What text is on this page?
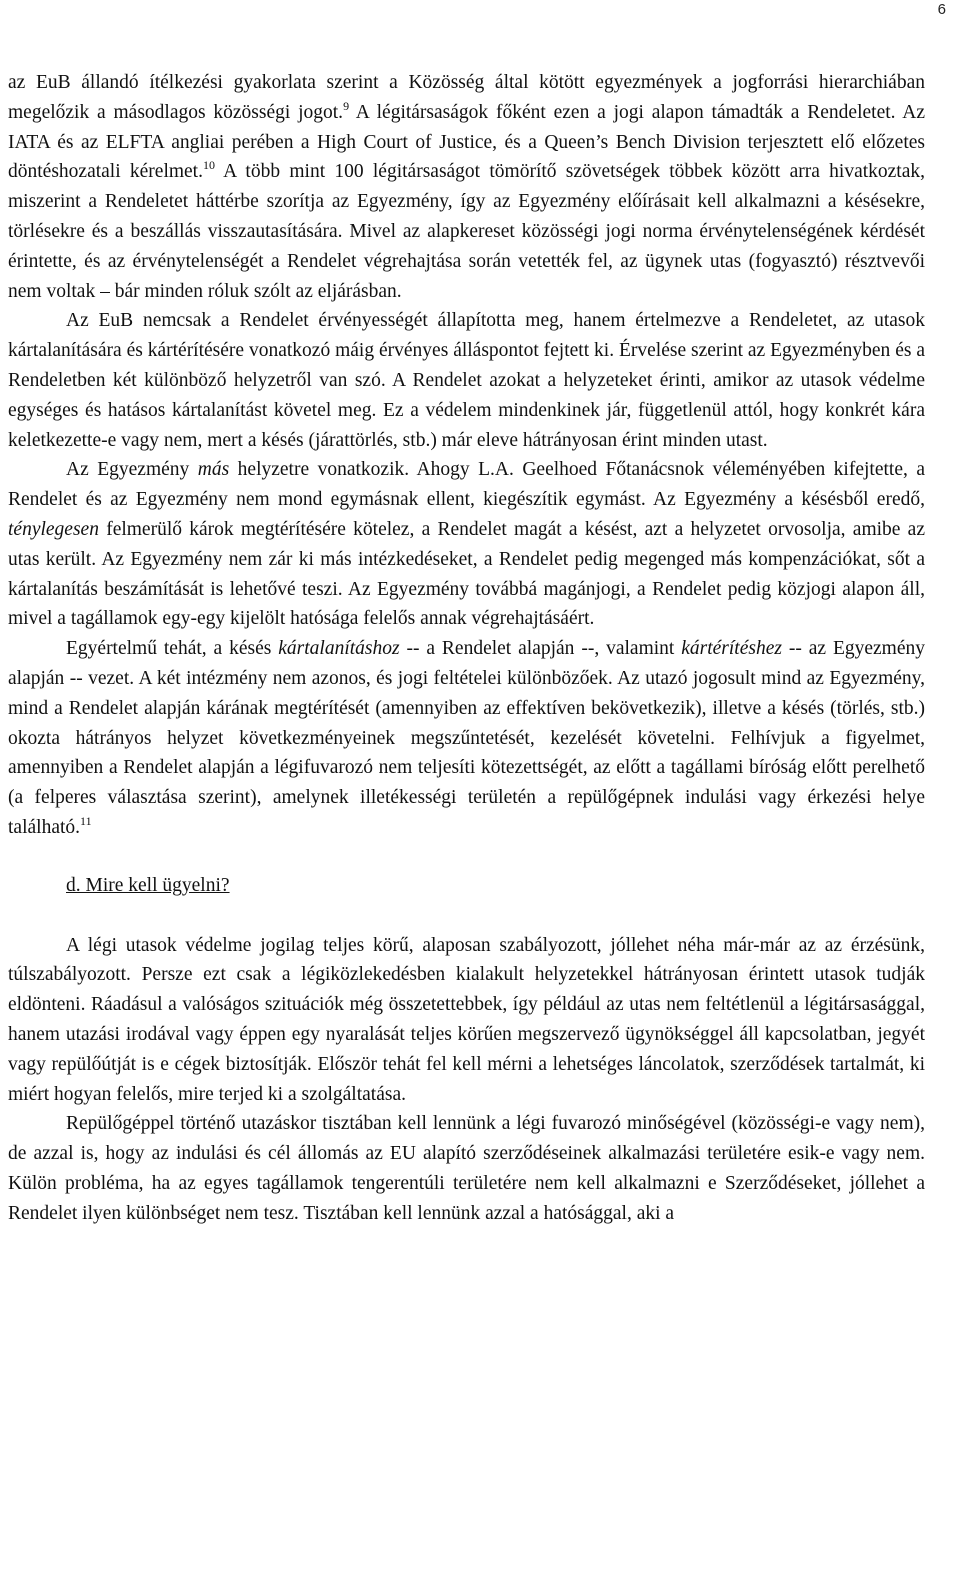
6

az EuB állandó ítélkezési gyakorlata szerint a Közösség által kötött egyezmények a jogforrási hierarchiában megelőzik a másodlagos közösségi jogot.$^9$ A légitársaságok főként ezen a jogi alapon támadták a Rendeletet. Az IATA és az ELFTA angliai perében a High Court of Justice, és a Queen’s Bench Division terjesztett elő előzetes döntéshozatali kérelmet.$^{10}$ A több mint 100 légitársaságot tömörítő szövetségek többek között arra hivatkoztak, miszerint a Rendeletet háttérbe szorítja az Egyezmény, így az Egyezmény előírásait kell alkalmazni a késésekre, törlésekre és a beszállás visszautasítására. Mivel az alapkereset közösségi jogi norma érvénytelenségének kérdését érintette, és az érvénytelenségét a Rendelet végrehajtása során vetették fel, az ügynek utas (fogyasztó) résztvevői nem voltak – bár minden róluk szólt az eljárásban.

Az EuB nemcsak a Rendelet érvényességét állapította meg, hanem értelmezve a Rendeletet, az utasok kártalanítására és kártérítésére vonatkozó máig érvényes álláspontot fejtett ki. Érvelése szerint az Egyezményben és a Rendeletben két különböző helyzetről van szó. A Rendelet azokat a helyzeteket érinti, amikor az utasok védelme egységes és hatásos kártalanítást követel meg. Ez a védelem mindenkinek jár, függetlenül attól, hogy konkrét kára keletkezette-e vagy nem, mert a késés (járattörlés, stb.) már eleve hátrányosan érint minden utast.

Az Egyezmény más helyzetre vonatkozik. Ahogy L.A. Geelhoed Főtanácsnok véleményében kifejtette, a Rendelet és az Egyezmény nem mond egymásnak ellent, kiegészítik egymást. Az Egyezmény a késésből eredő, ténylegesen felmerülő károk megtérítésére kötelez, a Rendelet magát a késést, azt a helyzetet orvosolja, amibe az utas került. Az Egyezmény nem zár ki más intézkedéseket, a Rendelet pedig megenged más kompenzációkat, sőt a kártalanítás beszámítását is lehetővé teszi. Az Egyezmény továbbá magánjogi, a Rendelet pedig közjogi alapon áll, mivel a tagállamok egy-egy kijelölt hatósága felelős annak végrehajtásáért.

Egyértelmű tehát, a késés kártalanításhoz -- a Rendelet alapján --, valamint kártérítéshez -- az Egyezmény alapján -- vezet. A két intézmény nem azonos, és jogi feltételei különbözőek. Az utazó jogosult mind az Egyezmény, mind a Rendelet alapján kárának megtérítését (amennyiben az effektíven bekövetkezik), illetve a késés (törlés, stb.) okozta hátrányos helyzet következményeinek megszűntetését, kezelését követelni. Felhívjuk a figyelmet, amennyiben a Rendelet alapján a légifuvarozó nem teljesíti kötezettségét, az előtt a tagállami bíróság előtt perelhető (a felperes választása szerint), amelynek illetékességi területén a repülőgépnek indulási vagy érkezési helye található.$^{11}$

d. Mire kell ügyelni?

A légi utasok védelme jogilag teljes körű, alaposan szabályozott, jóllehet néha már-már az az érzésünk, túlszabályozott. Persze ezt csak a légiközlekedésben kialakult helyzetekkel hátrányosan érintett utasok tudják eldönteni. Ráadásul a valóságos szituációk még összetettebbek, így például az utas nem feltétlenül a légitársasággal, hanem utazási irodával vagy éppen egy nyaralását teljes körűen megszervező ügynökséggel áll kapcsolatban, jegyét vagy repülőútját is e cégek biztosítják. Először tehát fel kell mérni a lehetséges láncolatok, szerződések tartalmát, ki miért hogyan felelős, mire terjed ki a szolgáltatása.

Repülőgéppel történő utazáskor tisztában kell lennünk a légi fuvarozó minőségével (közösségi-e vagy nem), de azzal is, hogy az indulási és cél állomás az EU alapító szerződéseinek alkalmazási területére esik-e vagy nem. Külön probléma, ha az egyes tagállamok tengerentúli területére nem kell alkalmazni e Szerződéseket, jóllehet a Rendelet ilyen különbséget nem tesz. Tisztában kell lennünk azzal a hatósággal, aki a
